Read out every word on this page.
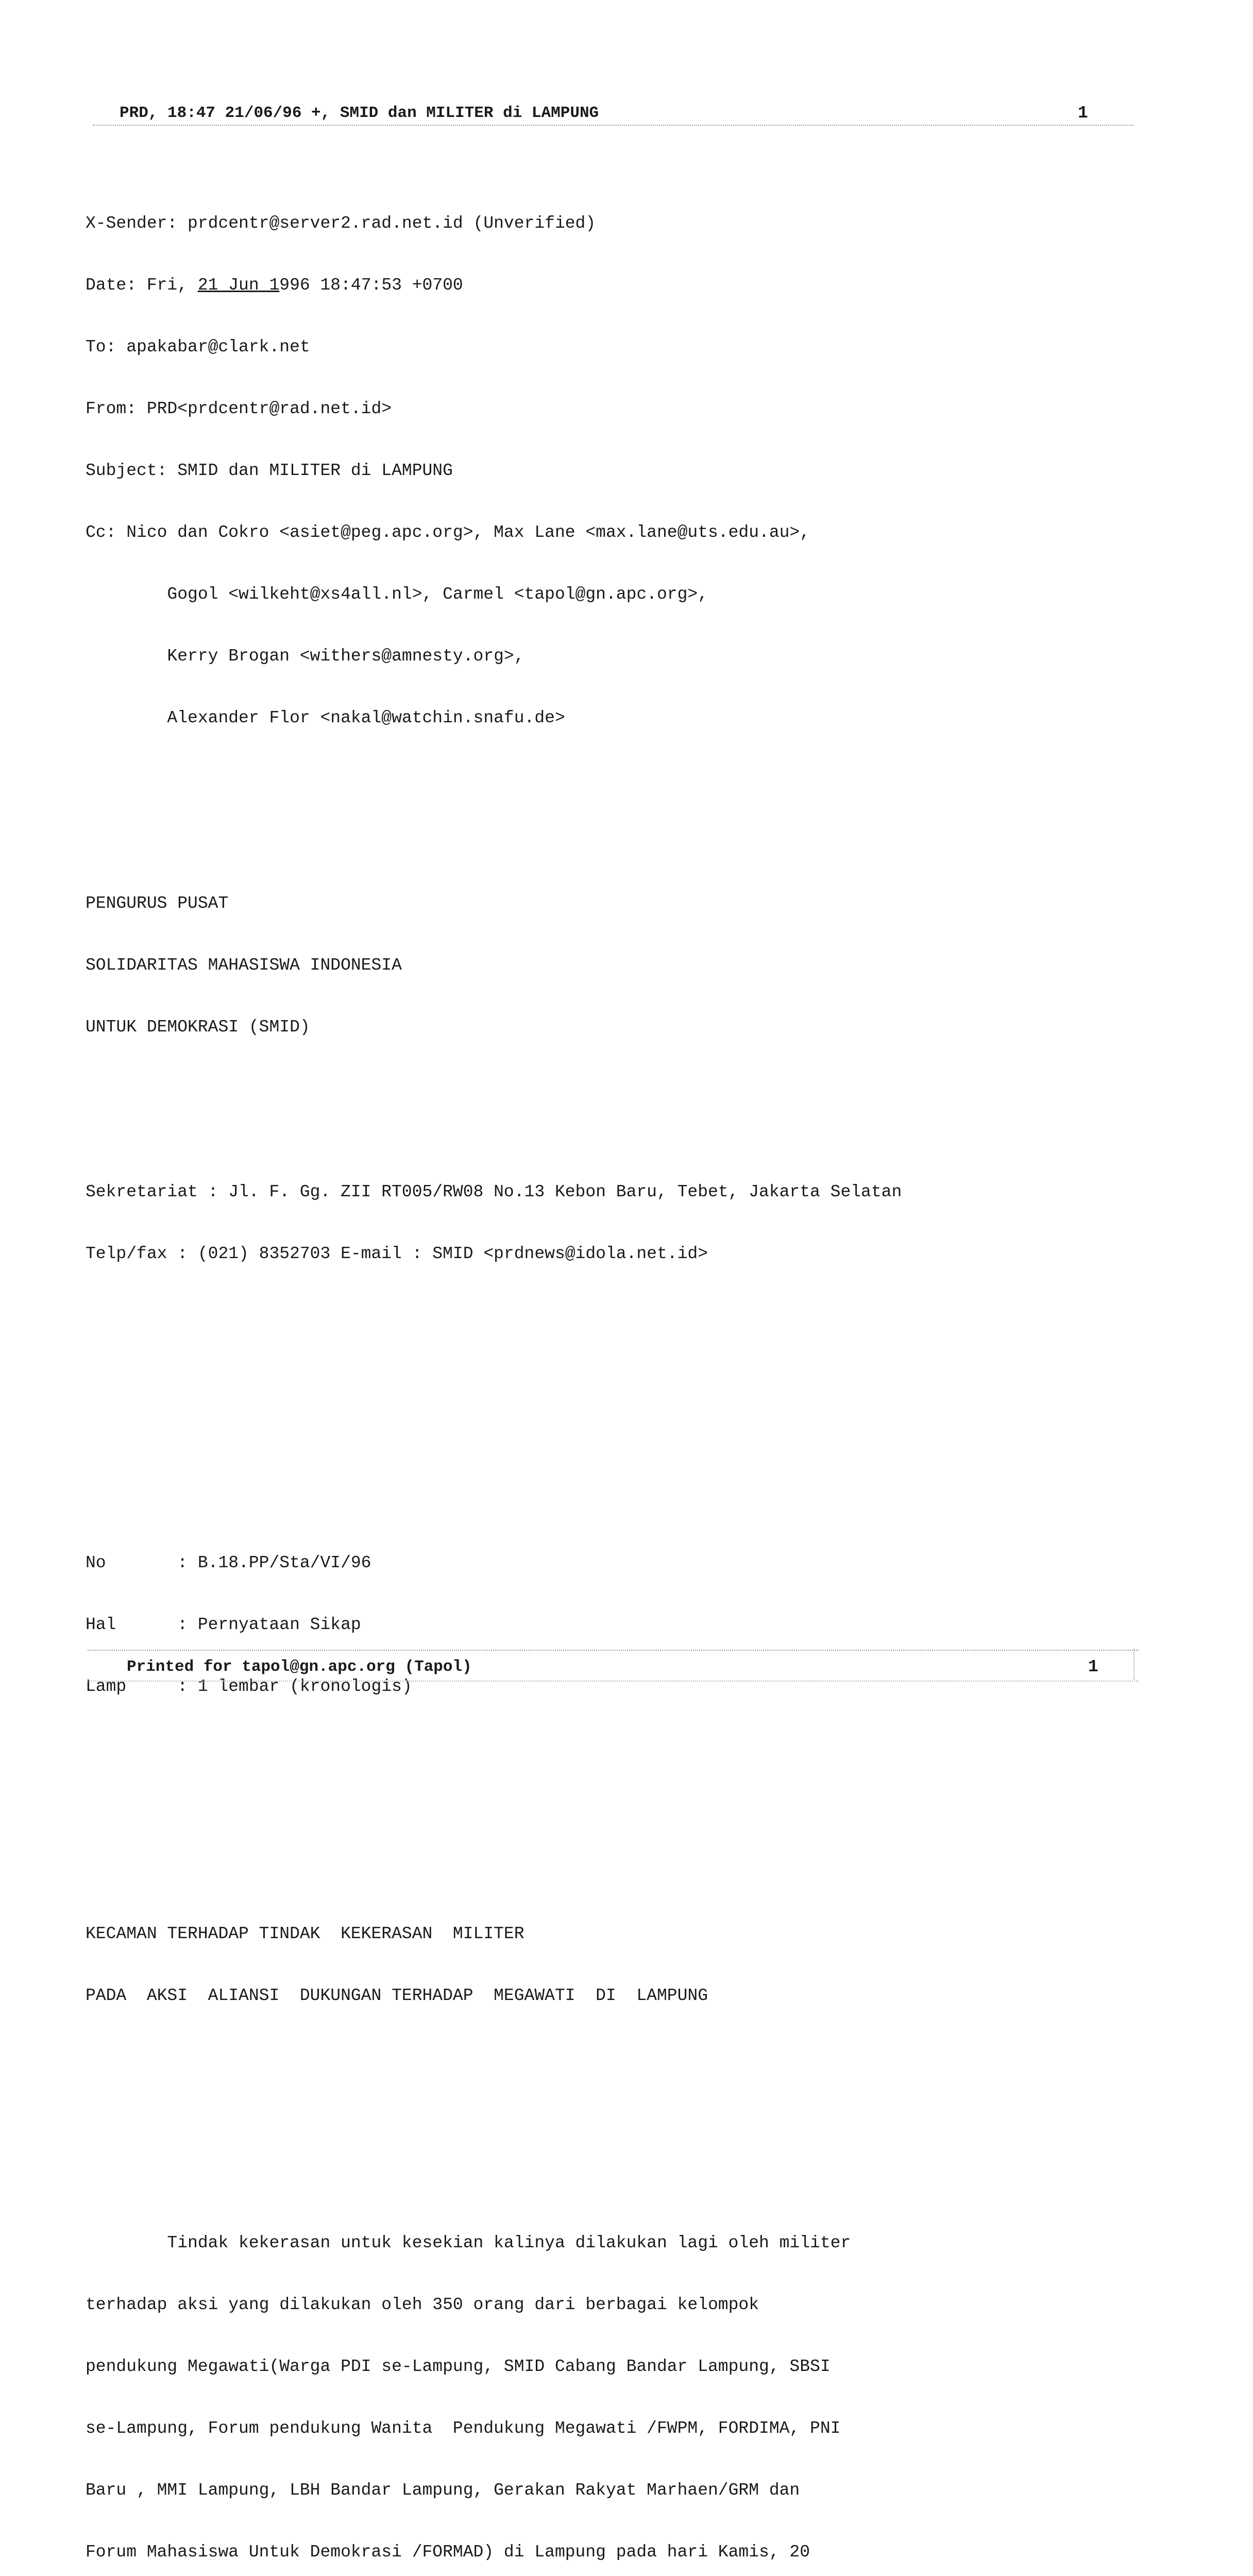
PRD, 18:47 21/06/96 +, SMID dan MILITER di LAMPUNG	1

X-Sender: prdcentr@server2.rad.net.id (Unverified)

Date: Fri, 21 Jun 1996 18:47:53 +0700

To: apakabar@clark.net

From: PRD<prdcentr@rad.net.id>

Subject: SMID dan MILITER di LAMPUNG

Cc: Nico dan Cokro <asiet@peg.apc.org>, Max Lane <max.lane@uts.edu.au>,

Gogol <wilkeht@xs4all.nl>, Carmel <tapol@gn.apc.org>,

Kerry Brogan <withers@amnesty.org>,

Alexander Flor <nakal@watchin.snafu.de>

PENGURUS PUSAT

SOLIDARITAS MAHASISWA INDONESIA

UNTUK DEMOKRASI (SMID)

Sekretariat : Jl. F. Gg. ZII RT005/RW08 No.13 Kebon Baru, Tebet, Jakarta Selatan

Telp/fax : (021) 8352703 E-mail : SMID <prdnews@idola.net.id>

No       : B.18.PP/Sta/VI/96

Hal      : Pernyataan Sikap

Lamp     : 1 lembar (kronologis)

KECAMAN TERHADAP TINDAK  KEKERASAN  MILITER

PADA  AKSI  ALIANSI  DUKUNGAN TERHADAP  MEGAWATI  DI  LAMPUNG

Tindak kekerasan untuk kesekian kalinya dilakukan lagi oleh militer

terhadap aksi yang dilakukan oleh 350 orang dari berbagai kelompok

pendukung Megawati(Warga PDI se-Lampung, SMID Cabang Bandar Lampung, SBSI

se-Lampung, Forum pendukung Wanita  Pendukung Megawati /FWPM, FORDIMA, PNI

Baru , MMI Lampung, LBH Bandar Lampung, Gerakan Rakyat Marhaen/GRM dan

Forum Mahasiswa Untuk Demokrasi /FORMAD) di Lampung pada hari Kamis, 20

Printed for tapol@gn.apc.org (Tapol)	1
